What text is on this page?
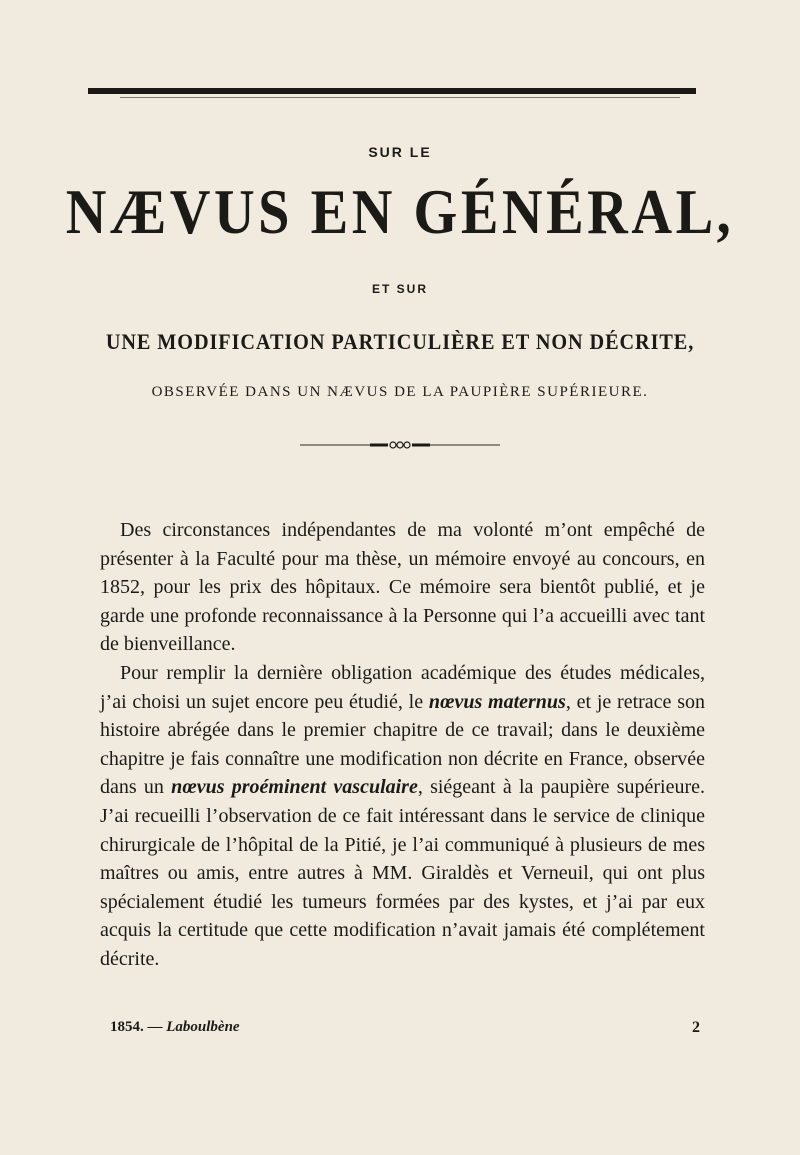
SUR LE
NÆVUS EN GÉNÉRAL,
ET SUR
UNE MODIFICATION PARTICULIÈRE ET NON DÉCRITE,
OBSERVÉE DANS UN NÆVUS DE LA PAUPIÈRE SUPÉRIEURE.

Des circonstances indépendantes de ma volonté m’ont empêché de présenter à la Faculté pour ma thèse, un mémoire envoyé au concours, en 1852, pour les prix des hôpitaux. Ce mémoire sera bientôt publié, et je garde une profonde reconnaissance à la Personne qui l’a accueilli avec tant de bienveillance.

Pour remplir la dernière obligation académique des études médicales, j’ai choisi un sujet encore peu étudié, le nœvus maternus, et je retrace son histoire abrégée dans le premier chapitre de ce travail; dans le deuxième chapitre je fais connaître une modification non décrite en France, observée dans un nœvus proéminent vasculaire, siégeant à la paupière supérieure. J’ai recueilli l’observation de ce fait intéressant dans le service de clinique chirurgicale de l’hôpital de la Pitié, je l’ai communiqué à plusieurs de mes maîtres ou amis, entre autres à MM. Giraldès et Verneuil, qui ont plus spécialement étudié les tumeurs formées par des kystes, et j’ai par eux acquis la certitude que cette modification n’avait jamais été complétement décrite.

1854. — Laboulbène	2
